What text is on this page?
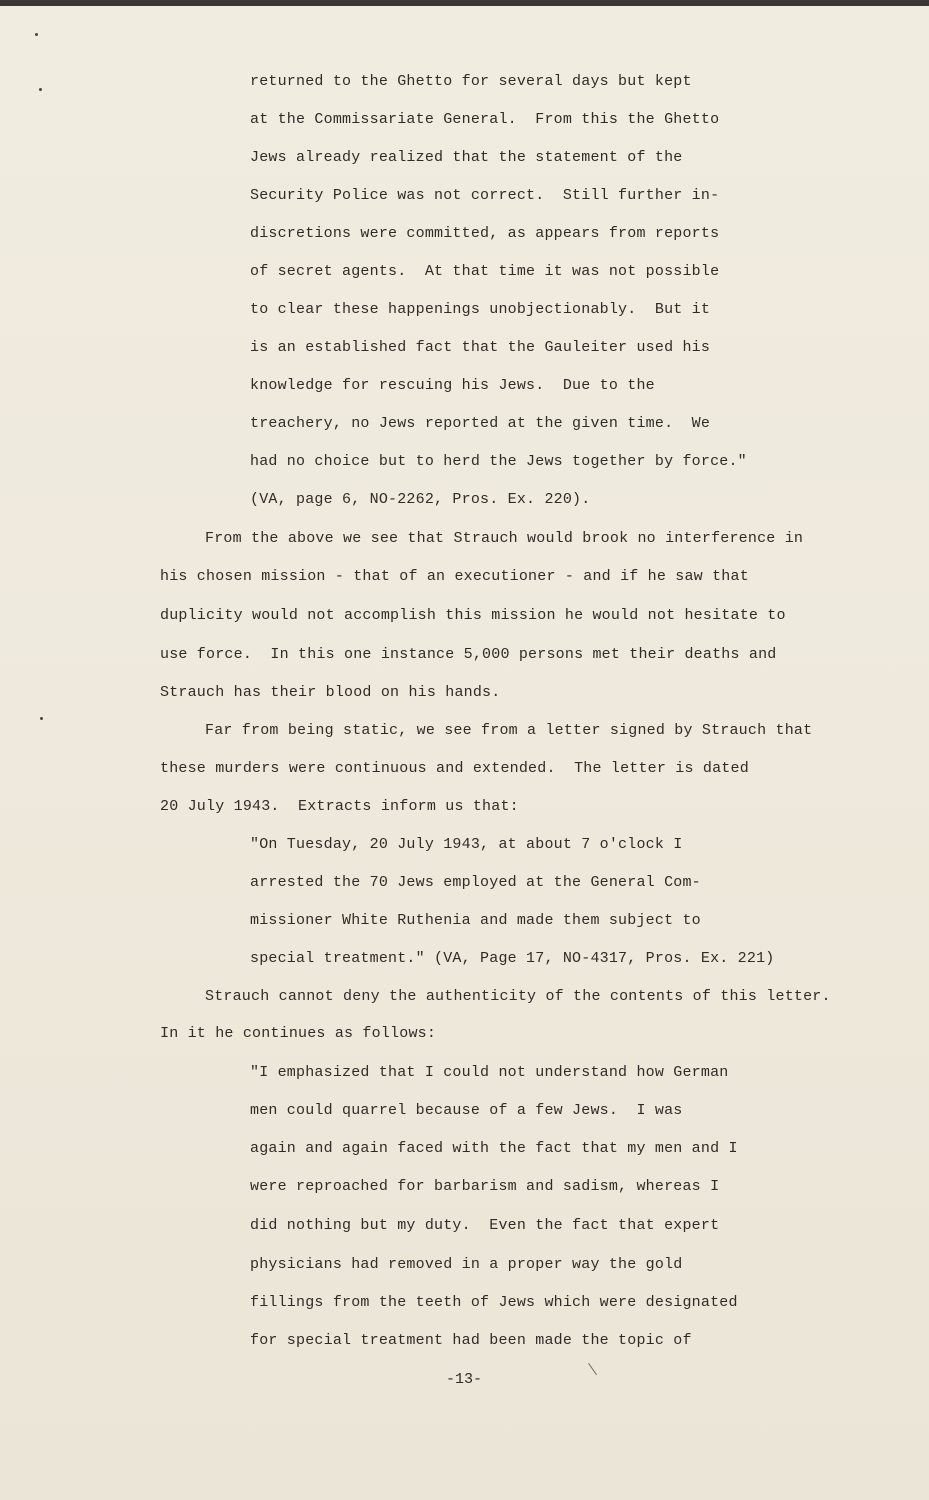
returned to the Ghetto for several days but kept
at the Commissariate General.  From this the Ghetto
Jews already realized that the statement of the
Security Police was not correct.  Still further in-
discretions were committed, as appears from reports
of secret agents.  At that time it was not possible
to clear these happenings unobjectionably.  But it
is an established fact that the Gauleiter used his
knowledge for rescuing his Jews.  Due to the
treachery, no Jews reported at the given time.  We
had no choice but to herd the Jews together by force."
(VA, page 6, NO-2262, Pros. Ex. 220).
From the above we see that Strauch would brook no interference in
his chosen mission - that of an executioner - and if he saw that
duplicity would not accomplish this mission he would not hesitate to
use force.  In this one instance 5,000 persons met their deaths and
Strauch has their blood on his hands.
Far from being static, we see from a letter signed by Strauch that
these murders were continuous and extended.  The letter is dated
20 July 1943.  Extracts inform us that:
"On Tuesday, 20 July 1943, at about 7 o'clock I
arrested the 70 Jews employed at the General Com-
missioner White Ruthenia and made them subject to
special treatment." (VA, Page 17, NO-4317, Pros. Ex. 221)
Strauch cannot deny the authenticity of the contents of this letter.
In it he continues as follows:
"I emphasized that I could not understand how German
men could quarrel because of a few Jews.  I was
again and again faced with the fact that my men and I
were reproached for barbarism and sadism, whereas I
did nothing but my duty.  Even the fact that expert
physicians had removed in a proper way the gold
fillings from the teeth of Jews which were designated
for special treatment had been made the topic of
-13-
